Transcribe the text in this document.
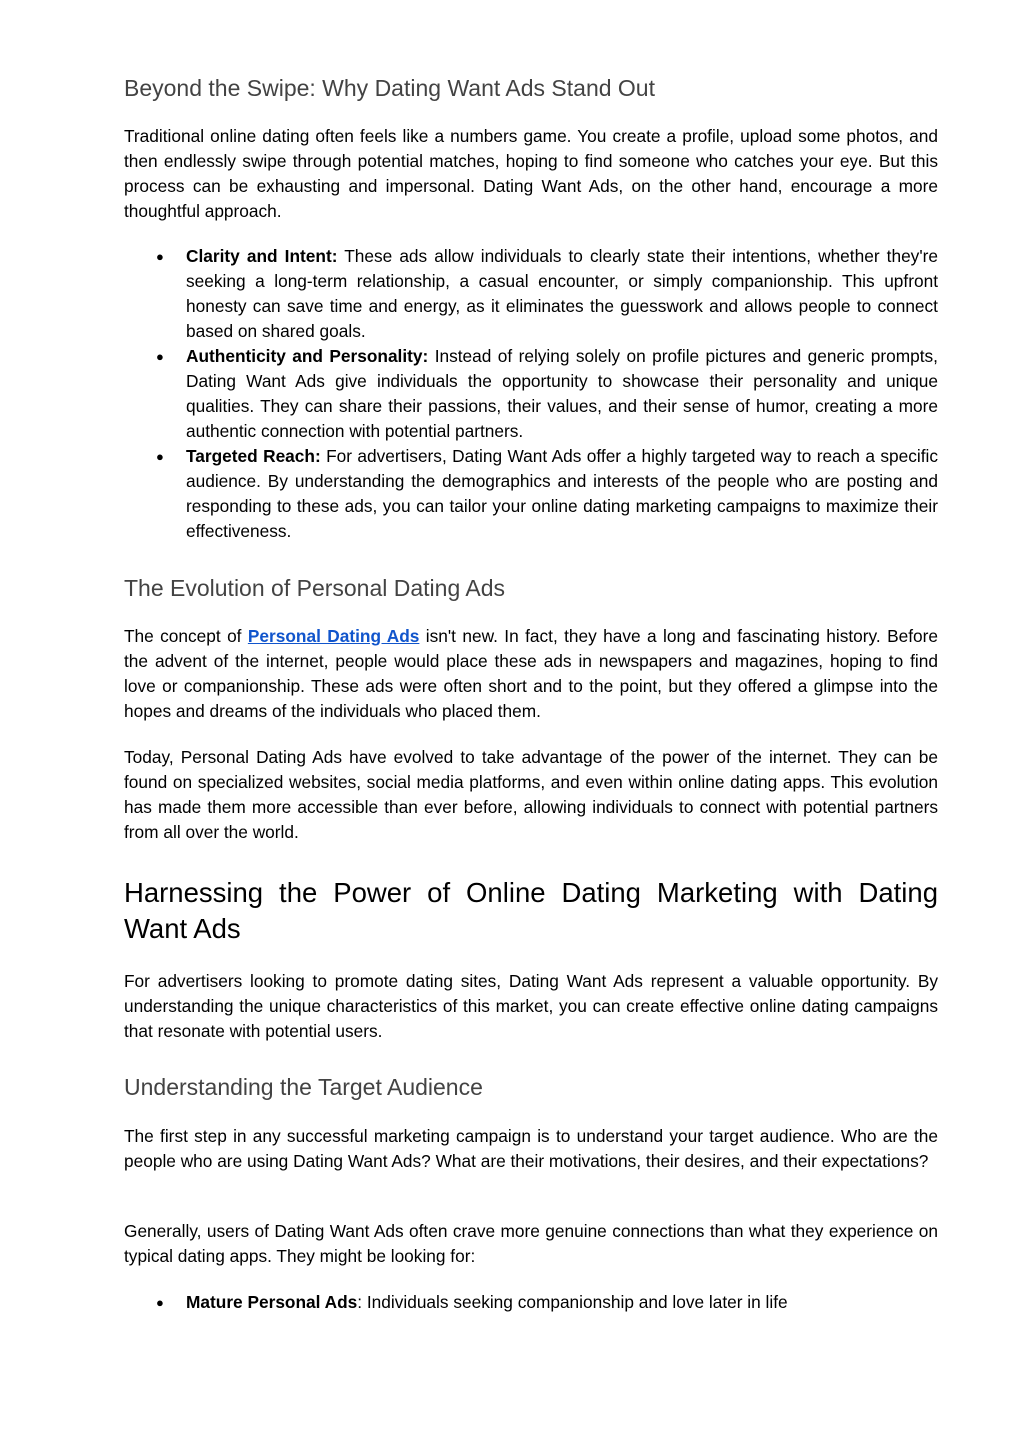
Beyond the Swipe: Why Dating Want Ads Stand Out

Traditional online dating often feels like a numbers game. You create a profile, upload some photos, and then endlessly swipe through potential matches, hoping to find someone who catches your eye. But this process can be exhausting and impersonal. Dating Want Ads, on the other hand, encourage a more thoughtful approach.

● Clarity and Intent: These ads allow individuals to clearly state their intentions, whether they're seeking a long-term relationship, a casual encounter, or simply companionship. This upfront honesty can save time and energy, as it eliminates the guesswork and allows people to connect based on shared goals.
● Authenticity and Personality: Instead of relying solely on profile pictures and generic prompts, Dating Want Ads give individuals the opportunity to showcase their personality and unique qualities. They can share their passions, their values, and their sense of humor, creating a more authentic connection with potential partners.
● Targeted Reach: For advertisers, Dating Want Ads offer a highly targeted way to reach a specific audience. By understanding the demographics and interests of the people who are posting and responding to these ads, you can tailor your online dating marketing campaigns to maximize their effectiveness.
The Evolution of Personal Dating Ads

The concept of Personal Dating Ads isn't new. In fact, they have a long and fascinating history. Before the advent of the internet, people would place these ads in newspapers and magazines, hoping to find love or companionship. These ads were often short and to the point, but they offered a glimpse into the hopes and dreams of the individuals who placed them.

Today, Personal Dating Ads have evolved to take advantage of the power of the internet. They can be found on specialized websites, social media platforms, and even within online dating apps. This evolution has made them more accessible than ever before, allowing individuals to connect with potential partners from all over the world.

Harnessing the Power of Online Dating Marketing with Dating Want Ads

For advertisers looking to promote dating sites, Dating Want Ads represent a valuable opportunity. By understanding the unique characteristics of this market, you can create effective online dating campaigns that resonate with potential users.

Understanding the Target Audience

The first step in any successful marketing campaign is to understand your target audience. Who are the people who are using Dating Want Ads? What are their motivations, their desires, and their expectations?

Generally, users of Dating Want Ads often crave more genuine connections than what they experience on typical dating apps. They might be looking for:

● Mature Personal Ads: Individuals seeking companionship and love later in life
